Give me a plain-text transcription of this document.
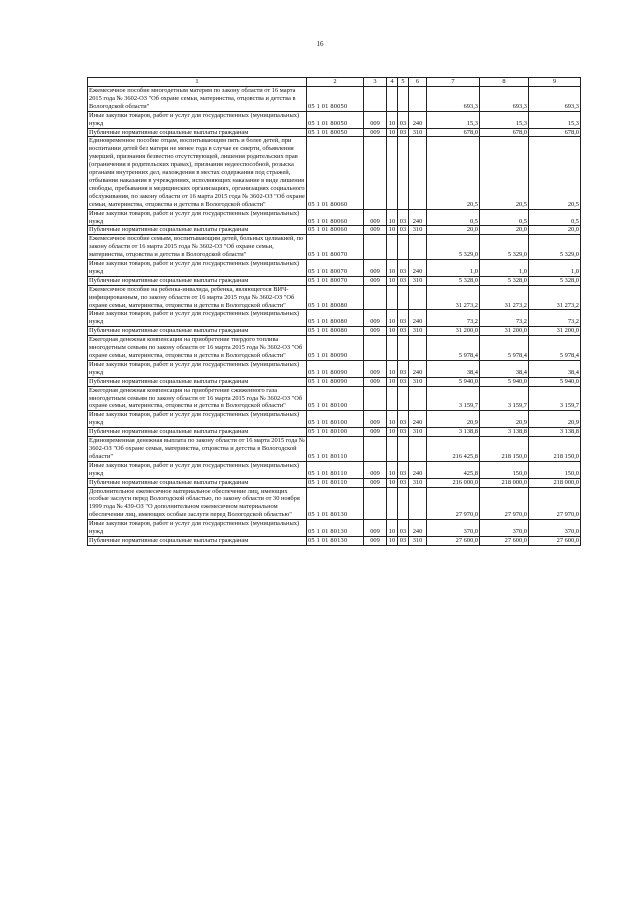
16
1	2	3	4	5	6	7	8	9
Ежемесячное пособие многодетным матерям по закону области от 16 марта 2015 года № 3602-ОЗ "Об охране семьи, материнства, отцовства и детства в Вологодской области"	05 1 01 80050					693,3	693,3	693,3
Иные закупки товаров, работ и услуг для государственных (муниципальных) нужд	05 1 01 80050	009	10	03	240	15,3	15,3	15,3
Публичные нормативные социальные выплаты гражданам	05 1 01 80050	009	10	03	310	678,0	678,0	678,0
Единовременное пособие отцам, воспитывающим пять и более детей, при воспитании детей без матери не менее года в случае ее смерти, объявления умершей, признания безвестно отсутствующей, лишения родительских прав (ограничения в родительских правах), признания недееспособной, розыска органами внутренних дел, нахождения в местах содержания под стражей, отбывания наказания в учреждениях, исполняющих наказание в виде лишения свободы, пребывания в медицинских организациях, организациях социального обслуживания, по закону области от 16 марта 2015 года № 3602-ОЗ "Об охране семьи, материнства, отцовства и детства в Вологодской области"	05 1 01 80060					20,5	20,5	20,5
Иные закупки товаров, работ и услуг для государственных (муниципальных) нужд	05 1 01 80060	009	10	03	240	0,5	0,5	0,5
Публичные нормативные социальные выплаты гражданам	05 1 01 80060	009	10	03	310	20,0	20,0	20,0
Ежемесячное пособие семьям, воспитывающим детей, больных целиакией, по закону области от 16 марта 2015 года № 3602-ОЗ "Об охране семьи, материнства, отцовства и детства в Вологодской области"	05 1 01 80070					5 329,0	5 329,0	5 329,0
Иные закупки товаров, работ и услуг для государственных (муниципальных) нужд	05 1 01 80070	009	10	03	240	1,0	1,0	1,0
Публичные нормативные социальные выплаты гражданам	05 1 01 80070	009	10	03	310	5 328,0	5 328,0	5 328,0
Ежемесячное пособие на ребенка-инвалида, ребенка, являющегося ВИЧ-инфицированным, по закону области от 16 марта 2015 года № 3602-ОЗ "Об охране семьи, материнства, отцовства и детства в Вологодской области"	05 1 01 80080					31 273,2	31 273,2	31 273,2
Иные закупки товаров, работ и услуг для государственных (муниципальных) нужд	05 1 01 80080	009	10	03	240	73,2	73,2	73,2
Публичные нормативные социальные выплаты гражданам	05 1 01 80080	009	10	03	310	31 200,0	31 200,0	31 200,0
Ежегодная денежная компенсация на приобретение твердого топлива многодетным семьям по закону области от 16 марта 2015 года № 3602-ОЗ "Об охране семьи, материнства, отцовства и детства в Вологодской области"	05 1 01 80090					5 978,4	5 978,4	5 978,4
Иные закупки товаров, работ и услуг для государственных (муниципальных) нужд	05 1 01 80090	009	10	03	240	38,4	38,4	38,4
Публичные нормативные социальные выплаты гражданам	05 1 01 80090	009	10	03	310	5 940,0	5 940,0	5 940,0
Ежегодная денежная компенсация на приобретение сжиженного газа многодетным семьям по закону области от 16 марта 2015 года № 3602-ОЗ "Об охране семьи, материнства, отцовства и детства в Вологодской области"	05 1 01 80100					3 159,7	3 159,7	3 159,7
Иные закупки товаров, работ и услуг для государственных (муниципальных) нужд	05 1 01 80100	009	10	03	240	20,9	20,9	20,9
Публичные нормативные социальные выплаты гражданам	05 1 01 80100	009	10	03	310	3 138,8	3 138,8	3 138,8
Единовременная денежная выплата по закону области от 16 марта 2015 года № 3602-ОЗ "Об охране семьи, материнства, отцовства и детства в Вологодской области"	05 1 01 80110					216 425,8	218 150,0	218 150,0
Иные закупки товаров, работ и услуг для государственных (муниципальных) нужд	05 1 01 80110	009	10	03	240	425,8	150,0	150,0
Публичные нормативные социальные выплаты гражданам	05 1 01 80110	009	10	03	310	216 000,0	218 000,0	218 000,0
Дополнительное ежемесячное материальное обеспечение лиц, имеющих особые заслуги перед Вологодской областью, по закону области от 30 ноября 1999 года № 439-ОЗ "О дополнительном ежемесячном материальном обеспечении лиц, имеющих особые заслуги перед Вологодской областью"	05 1 01 80130					27 970,0	27 970,0	27 970,0
Иные закупки товаров, работ и услуг для государственных (муниципальных) нужд	05 1 01 80130	009	10	03	240	370,0	370,0	370,0
Публичные нормативные социальные выплаты гражданам	05 1 01 80130	009	10	03	310	27 600,0	27 600,0	27 600,0
